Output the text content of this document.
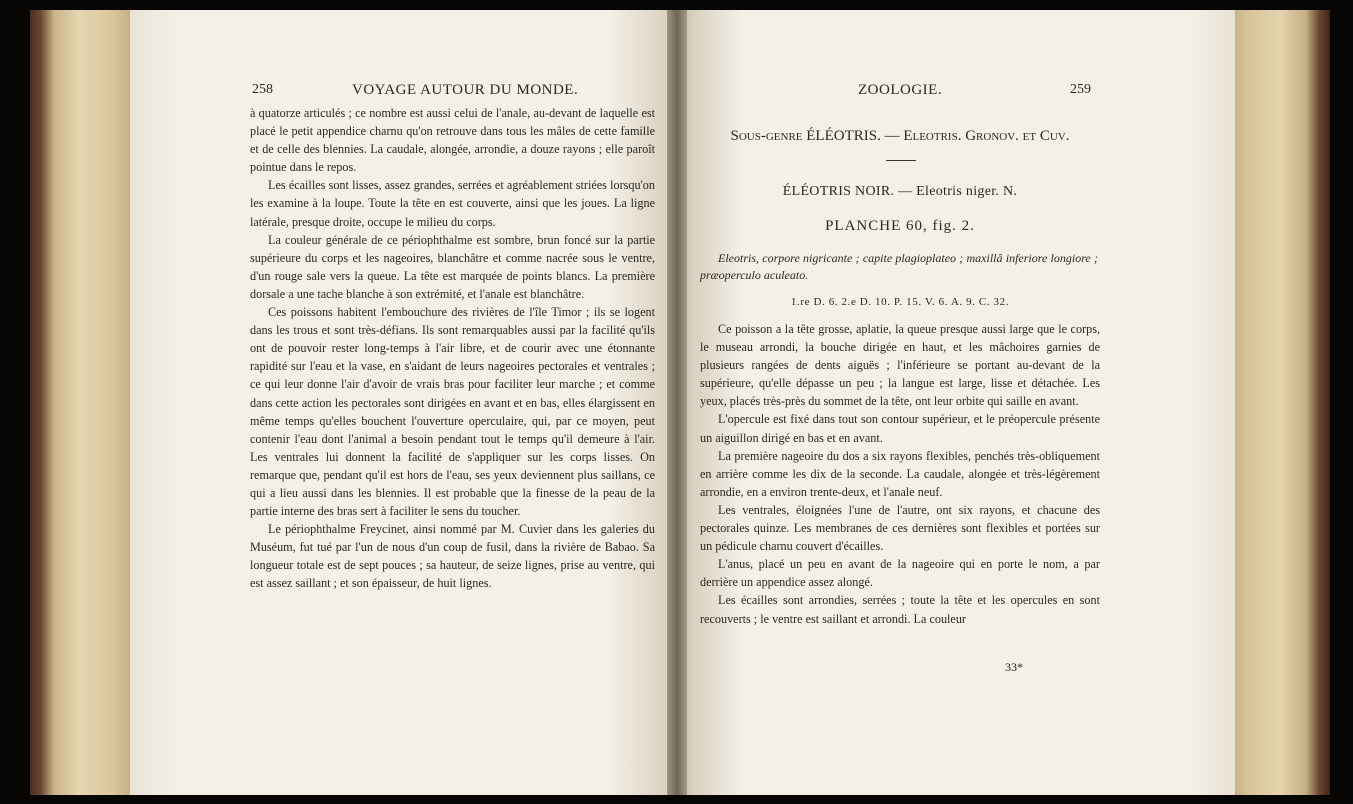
258	VOYAGE AUTOUR DU MONDE.

à quatorze articulés ; ce nombre est aussi celui de l'anale, au-devant de laquelle est placé le petit appendice charnu qu'on retrouve dans tous les mâles de cette famille et de celle des blennies. La caudale, alongée, arrondie, a douze rayons ; elle paroît pointue dans le repos.

Les écailles sont lisses, assez grandes, serrées et agréablement striées lorsqu'on les examine à la loupe. Toute la tête en est couverte, ainsi que les joues. La ligne latérale, presque droite, occupe le milieu du corps.

La couleur générale de ce périophthalme est sombre, brun foncé sur la partie supérieure du corps et les nageoires, blanchâtre et comme nacrée sous le ventre, d'un rouge sale vers la queue. La tête est marquée de points blancs. La première dorsale a une tache blanche à son extrémité, et l'anale est blanchâtre.

Ces poissons habitent l'embouchure des rivières de l'île Timor ; ils se logent dans les trous et sont très-défians. Ils sont remarquables aussi par la facilité qu'ils ont de pouvoir rester long-temps à l'air libre, et de courir avec une étonnante rapidité sur l'eau et la vase, en s'aidant de leurs nageoires pectorales et ventrales ; ce qui leur donne l'air d'avoir de vrais bras pour faciliter leur marche ; et comme dans cette action les pectorales sont dirigées en avant et en bas, elles élargissent en même temps qu'elles bouchent l'ouverture operculaire, qui, par ce moyen, peut contenir l'eau dont l'animal a besoin pendant tout le temps qu'il demeure à l'air. Les ventrales lui donnent la facilité de s'appliquer sur les corps lisses. On remarque que, pendant qu'il est hors de l'eau, ses yeux deviennent plus saillans, ce qui a lieu aussi dans les blennies. Il est probable que la finesse de la peau de la partie interne des bras sert à faciliter le sens du toucher.

Le périophthalme Freycinet, ainsi nommé par M. Cuvier dans les galeries du Muséum, fut tué par l'un de nous d'un coup de fusil, dans la rivière de Babao. Sa longueur totale est de sept pouces ; sa hauteur, de seize lignes, prise au ventre, qui est assez saillant ; et son épaisseur, de huit lignes.

ZOOLOGIE.	259
Sous-genre ÉLÉOTRIS. — Eleotris. Gronov. et Cuv.
ÉLÉOTRIS NOIR. — Eleotris niger. N.
PLANCHE 60, fig. 2.
Eleotris, corpore nigricante ; capite plagioplateo ; maxillâ inferiore longiore ; præoperculo aculeato.
1.re D. 6. 2.e D. 10. P. 15. V. 6. A. 9. C. 32.

Ce poisson a la tête grosse, aplatie, la queue presque aussi large que le corps, le museau arrondi, la bouche dirigée en haut, et les mâchoires garnies de plusieurs rangées de dents aiguës ; l'inférieure se portant au-devant de la supérieure, qu'elle dépasse un peu ; la langue est large, lisse et détachée. Les yeux, placés très-près du sommet de la tête, ont leur orbite qui saille en avant.

L'opercule est fixé dans tout son contour supérieur, et le préopercule présente un aiguillon dirigé en bas et en avant.

La première nageoire du dos a six rayons flexibles, penchés très-obliquement en arrière comme les dix de la seconde. La caudale, alongée et très-légèrement arrondie, en a environ trente-deux, et l'anale neuf.

Les ventrales, éloignées l'une de l'autre, ont six rayons, et chacune des pectorales quinze. Les membranes de ces dernières sont flexibles et portées sur un pédicule charnu couvert d'écailles.

L'anus, placé un peu en avant de la nageoire qui en porte le nom, a par derrière un appendice assez alongé.

Les écailles sont arrondies, serrées ; toute la tête et les opercules en sont recouverts ; le ventre est saillant et arrondi. La couleur

33*
